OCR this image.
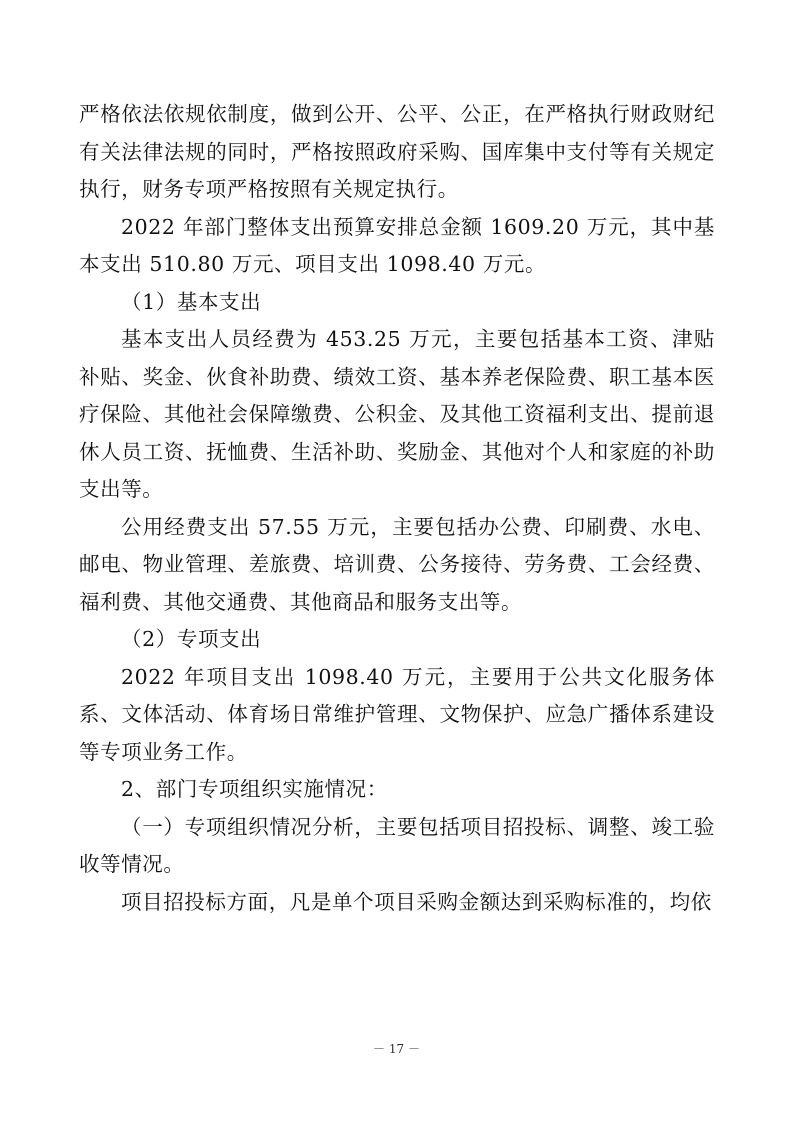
严格依法依规依制度，做到公开、公平、公正，在严格执行财政财纪有关法律法规的同时，严格按照政府采购、国库集中支付等有关规定执行，财务专项严格按照有关规定执行。

2022 年部门整体支出预算安排总金额 1609.20 万元，其中基本支出 510.80 万元、项目支出 1098.40 万元。

（1）基本支出

基本支出人员经费为 453.25 万元，主要包括基本工资、津贴补贴、奖金、伙食补助费、绩效工资、基本养老保险费、职工基本医疗保险、其他社会保障缴费、公积金、及其他工资福利支出、提前退休人员工资、抚恤费、生活补助、奖励金、其他对个人和家庭的补助支出等。

公用经费支出 57.55 万元，主要包括办公费、印刷费、水电、邮电、物业管理、差旅费、培训费、公务接待、劳务费、工会经费、福利费、其他交通费、其他商品和服务支出等。

（2）专项支出

2022 年项目支出 1098.40 万元，主要用于公共文化服务体系、文体活动、体育场日常维护管理、文物保护、应急广播体系建设等专项业务工作。

2、部门专项组织实施情况：

（一）专项组织情况分析，主要包括项目招投标、调整、竣工验收等情况。

项目招投标方面，凡是单个项目采购金额达到采购标准的，均依

－ 17 －
